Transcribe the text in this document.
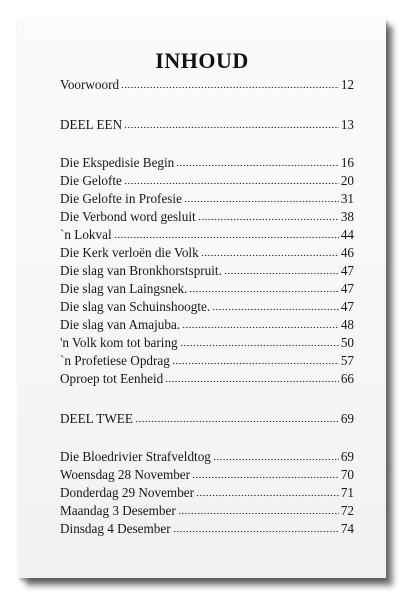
INHOUD
Voorwoord	12
DEEL EEN	13
Die Ekspedisie Begin	16
Die Gelofte	20
Die Gelofte in Profesie	31
Die Verbond word gesluit	38
`n Lokval	44
Die Kerk verloën die Volk	46
Die slag van Bronkhorstspruit.	47
Die slag van Laingsnek.	47
Die slag van Schuinshoogte.	47
Die slag van Amajuba.	48
'n Volk kom tot baring	50
`n Profetiese Opdrag	57
Oproep tot Eenheid	66
DEEL TWEE	69
Die Bloedrivier Strafveldtog	69
Woensdag 28 November	70
Donderdag 29 November	71
Maandag 3 Desember	72
Dinsdag 4 Desember	74
